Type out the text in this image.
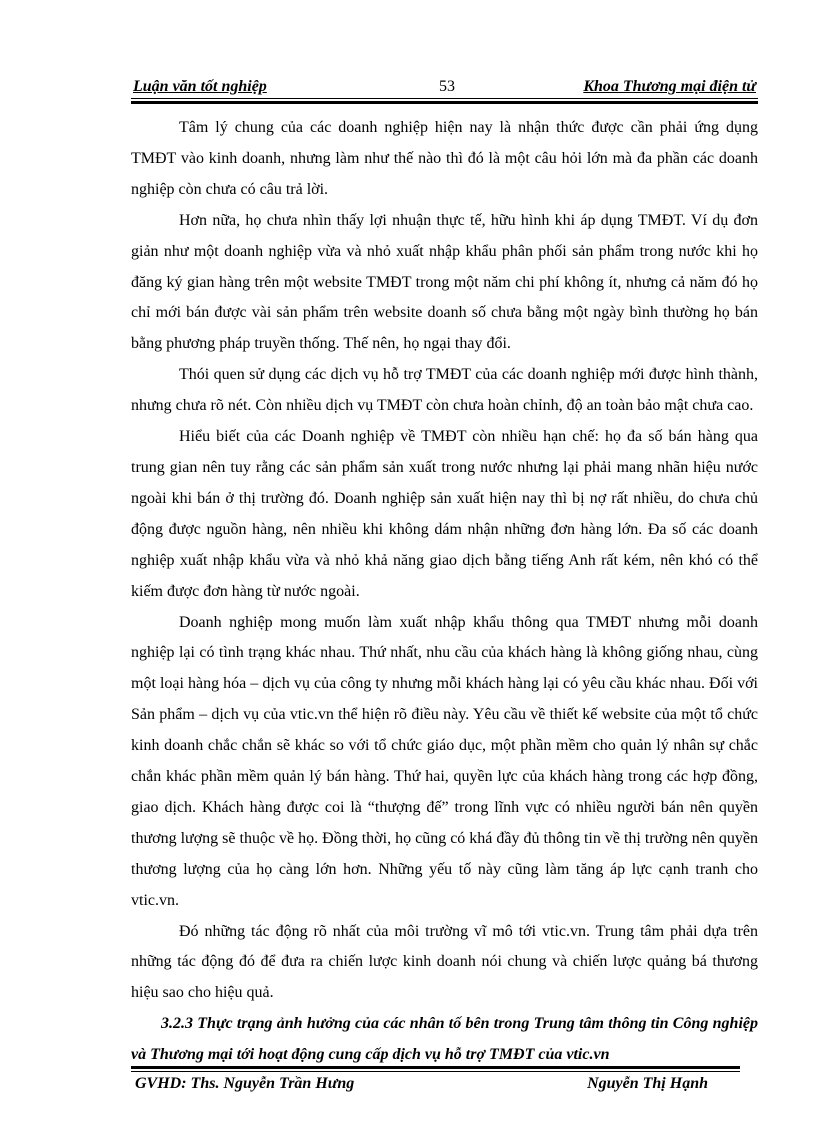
Luận văn tốt nghiệp	53	Khoa Thương mại điện tử

Tâm lý chung của các doanh nghiệp hiện nay là nhận thức được cần phải ứng dụng TMĐT vào kinh doanh, nhưng làm như thế nào thì đó là một câu hỏi lớn mà đa phần các doanh nghiệp còn chưa có câu trả lời.

Hơn nữa, họ chưa nhìn thấy lợi nhuận thực tế, hữu hình khi áp dụng TMĐT. Ví dụ đơn giản như một doanh nghiệp vừa và nhỏ xuất nhập khẩu phân phối sản phẩm trong nước khi họ đăng ký gian hàng trên một website TMĐT trong một năm chi phí không ít, nhưng cả năm đó họ chỉ mới bán được vài sản phẩm trên website doanh số chưa bằng một ngày bình thường họ bán bằng phương pháp truyền thống. Thế nên, họ ngại thay đổi.

Thói quen sử dụng các dịch vụ hỗ trợ TMĐT của các doanh nghiệp mới được hình thành, nhưng chưa rõ nét. Còn nhiều dịch vụ TMĐT còn chưa hoàn chỉnh, độ an toàn bảo mật chưa cao.

Hiểu biết của các Doanh nghiệp về TMĐT còn nhiều hạn chế: họ đa số bán hàng qua trung gian nên tuy rằng các sản phẩm sản xuất trong nước nhưng lại phải mang nhãn hiệu nước ngoài khi bán ở thị trường đó. Doanh nghiệp sản xuất hiện nay thì bị nợ rất nhiều, do chưa chủ động được nguồn hàng, nên nhiều khi không dám nhận những đơn hàng lớn. Đa số các doanh nghiệp xuất nhập khẩu vừa và nhỏ khả năng giao dịch bằng tiếng Anh rất kém, nên khó có thể kiếm được đơn hàng từ nước ngoài.

Doanh nghiệp mong muốn làm xuất nhập khẩu thông qua TMĐT nhưng mỗi doanh nghiệp lại có tình trạng khác nhau. Thứ nhất, nhu cầu của khách hàng là không giống nhau, cùng một loại hàng hóa – dịch vụ của công ty nhưng mỗi khách hàng lại có yêu cầu khác nhau. Đối với Sản phẩm – dịch vụ của vtic.vn thể hiện rõ điều này. Yêu cầu về thiết kế website của một tổ chức kinh doanh chắc chắn sẽ khác so với tổ chức giáo dục, một phần mềm cho quản lý nhân sự chắc chắn khác phần mềm quản lý bán hàng. Thứ hai, quyền lực của khách hàng trong các hợp đồng, giao dịch. Khách hàng được coi là “thượng đế” trong lĩnh vực có nhiều người bán nên quyền thương lượng sẽ thuộc về họ. Đồng thời, họ cũng có khá đầy đủ thông tin về thị trường nên quyền thương lượng của họ càng lớn hơn. Những yếu tố này cũng làm tăng áp lực cạnh tranh cho vtic.vn.

Đó những tác động rõ nhất của môi trường vĩ mô tới vtic.vn. Trung tâm phải dựa trên những tác động đó để đưa ra chiến lược kinh doanh nói chung và chiến lược quảng bá thương hiệu sao cho hiệu quả.

3.2.3 Thực trạng ảnh hưởng của các nhân tố bên trong Trung tâm thông tin Công nghiệp và Thương mại tới hoạt động cung cấp dịch vụ hỗ trợ TMĐT của vtic.vn

GVHD: Ths. Nguyễn Trần Hưng	Nguyễn Thị Hạnh
